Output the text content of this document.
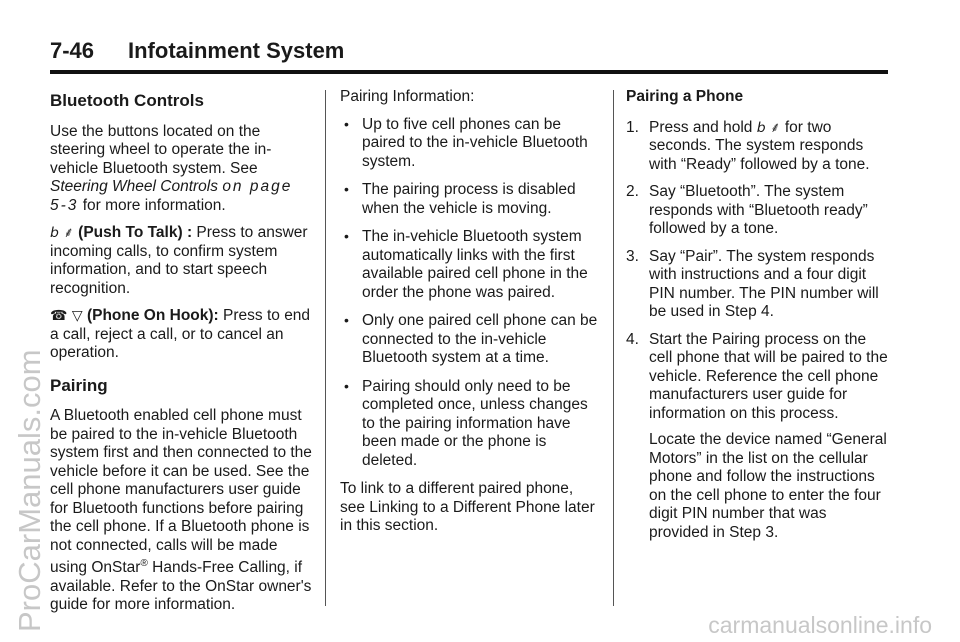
7-46 Infotainment System
Bluetooth Controls

Use the buttons located on the steering wheel to operate the in-vehicle Bluetooth system. See Steering Wheel Controls on page 5-3 for more information.

𝘣 ⸙ (Push To Talk) : Press to answer incoming calls, to confirm system information, and to start speech recognition.

☎ ▽ (Phone On Hook): Press to end a call, reject a call, or to cancel an operation.

Pairing

A Bluetooth enabled cell phone must be paired to the in-vehicle Bluetooth system first and then connected to the vehicle before it can be used. See the cell phone manufacturers user guide for Bluetooth functions before pairing the cell phone. If a Bluetooth phone is not connected, calls will be made using OnStar® Hands-Free Calling, if available. Refer to the OnStar owner's guide for more information.

Pairing Information:

• Up to five cell phones can be paired to the in-vehicle Bluetooth system.
• The pairing process is disabled when the vehicle is moving.
• The in-vehicle Bluetooth system automatically links with the first available paired cell phone in the order the phone was paired.
• Only one paired cell phone can be connected to the in-vehicle Bluetooth system at a time.
• Pairing should only need to be completed once, unless changes to the pairing information have been made or the phone is deleted.

To link to a different paired phone, see Linking to a Different Phone later in this section.

Pairing a Phone

1. Press and hold 𝘣 ⸙ for two seconds. The system responds with “Ready” followed by a tone.

2. Say “Bluetooth”. The system responds with “Bluetooth ready” followed by a tone.

3. Say “Pair”. The system responds with instructions and a four digit PIN number. The PIN number will be used in Step 4.

4. Start the Pairing process on the cell phone that will be paired to the vehicle. Reference the cell phone manufacturers user guide for information on this process.

Locate the device named “General Motors” in the list on the cellular phone and follow the instructions on the cell phone to enter the four digit PIN number that was provided in Step 3.

ProCarManuals.com	carmanualsonline.info
